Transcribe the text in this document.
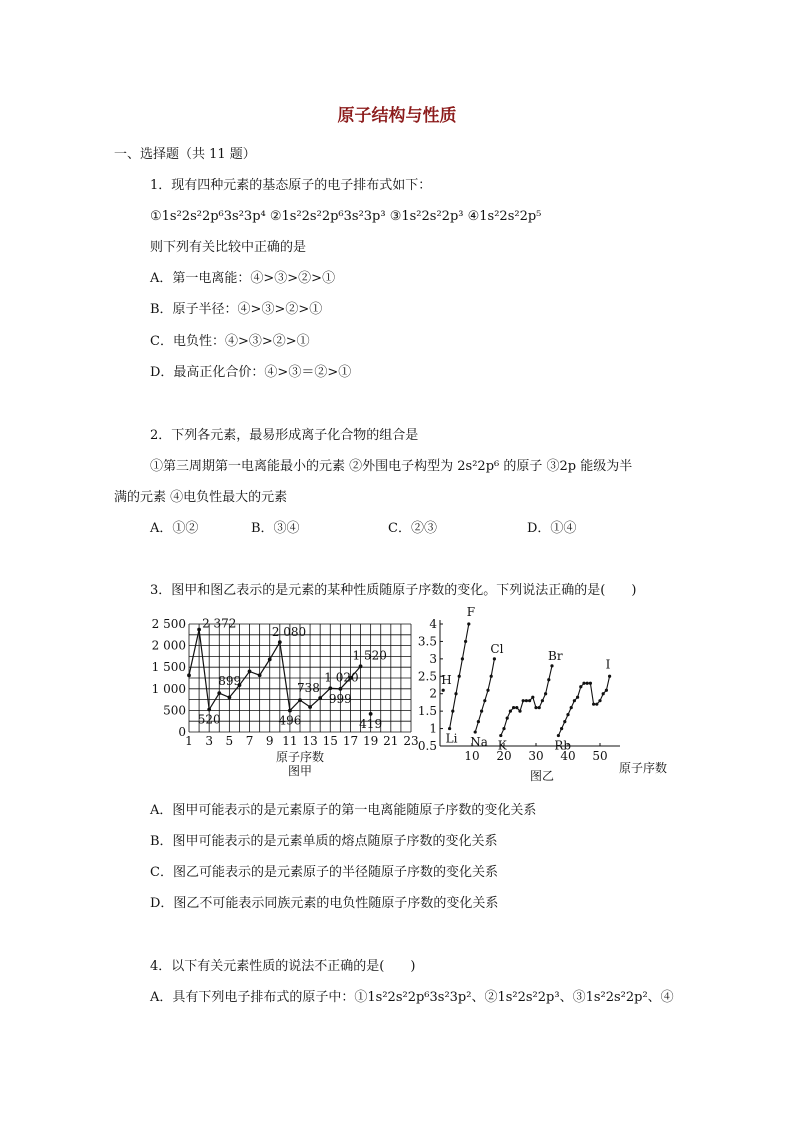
原子结构与性质
一、选择题（共 11 题）
1．现有四种元素的基态原子的电子排布式如下：
①1s²2s²2p⁶3s²3p⁴ ②1s²2s²2p⁶3s²3p³ ③1s²2s²2p³ ④1s²2s²2p⁵
则下列有关比较中正确的是
A．第一电离能：④>③>②>①
B．原子半径：④>③>②>①
C．电负性：④>③>②>①
D．最高正化合价：④>③＝②>①
2．下列各元素，最易形成离子化合物的组合是
①第三周期第一电离能最小的元素 ②外围电子构型为 2s²2p⁶ 的原子 ③2p 能级为半
满的元素 ④电负性最大的元素
A．①②	B．③④	C．②③	D．①④
3．图甲和图乙表示的是元素的某种性质随原子序数的变化。下列说法正确的是(　　)
0
500
1 000
1 500
2 000
2 500
1 3 5 7 9 11 13 15 17 19 21 23
2 372
520
899
2 080
496
738
1 020
999
1 520
419
原子序数
图甲
0.5
1
1.5
2
2.5
3
3.5
4
10 20 30 40 50
H
Li
F
Na
Cl
K
Br
Rb
I
原子序数
图乙
A．图甲可能表示的是元素原子的第一电离能随原子序数的变化关系
B．图甲可能表示的是元素单质的熔点随原子序数的变化关系
C．图乙可能表示的是元素原子的半径随原子序数的变化关系
D．图乙不可能表示同族元素的电负性随原子序数的变化关系
4．以下有关元素性质的说法不正确的是(　　)
A．具有下列电子排布式的原子中：①1s²2s²2p⁶3s²3p²、②1s²2s²2p³、③1s²2s²2p²、④
